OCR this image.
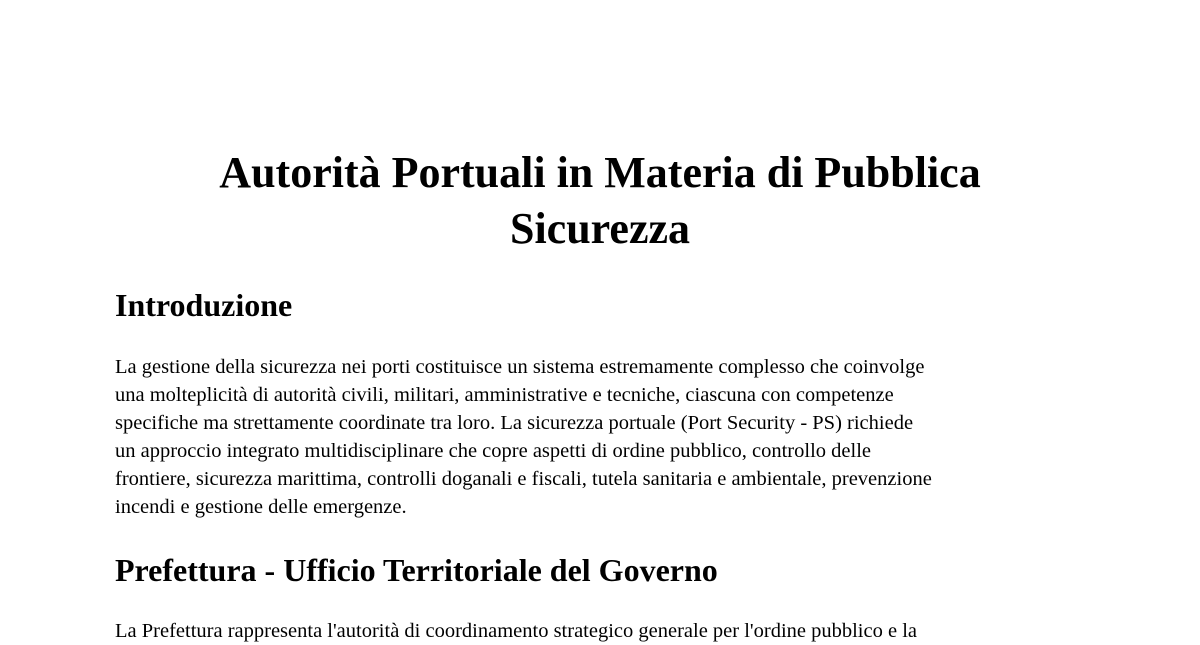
Autorità Portuali in Materia di Pubblica
Sicurezza
Introduzione

La gestione della sicurezza nei porti costituisce un sistema estremamente complesso che coinvolge
una molteplicità di autorità civili, militari, amministrative e tecniche, ciascuna con competenze
specifiche ma strettamente coordinate tra loro. La sicurezza portuale (Port Security - PS) richiede
un approccio integrato multidisciplinare che copre aspetti di ordine pubblico, controllo delle
frontiere, sicurezza marittima, controlli doganali e fiscali, tutela sanitaria e ambientale, prevenzione
incendi e gestione delle emergenze.

Prefettura - Ufficio Territoriale del Governo

La Prefettura rappresenta l'autorità di coordinamento strategico generale per l'ordine pubblico e la
